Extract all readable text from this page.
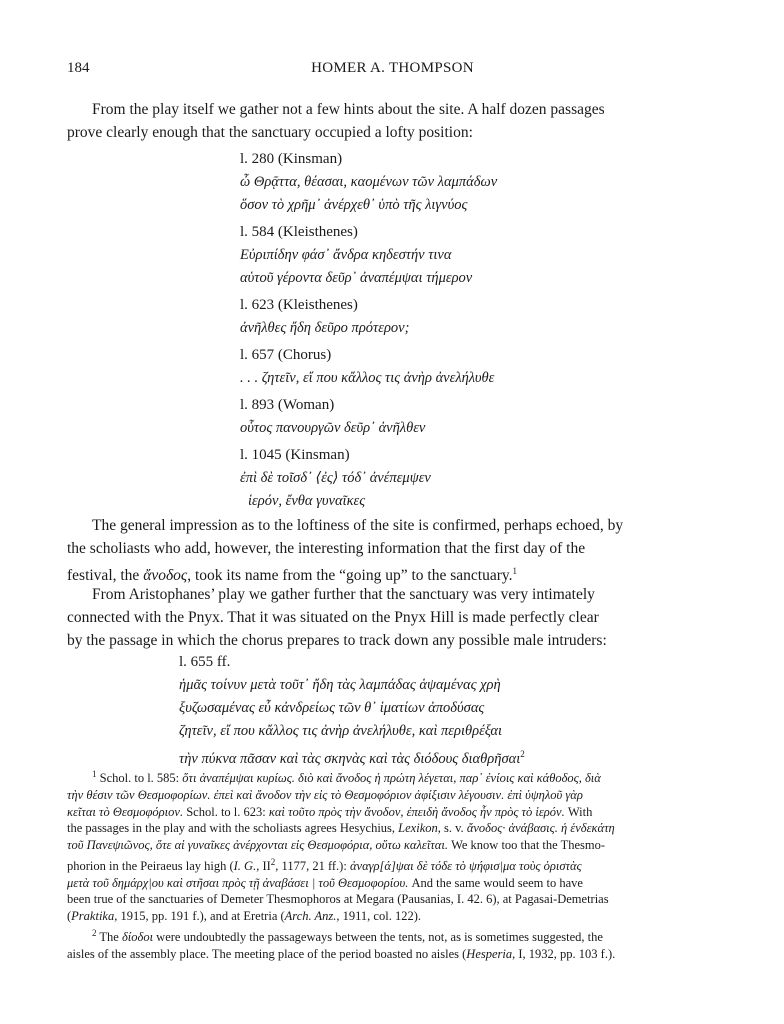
184	HOMER A. THOMPSON

From the play itself we gather not a few hints about the site. A half dozen passages
prove clearly enough that the sanctuary occupied a lofty position:

l. 280 (Kinsman)
ὦ Θρᾷττα, θέασαι, καομένων τῶν λαμπάδων
ὅσον τὸ χρῆμ᾿ ἀνέρχεθ᾿ ὑπὸ τῆς λιγνύος
l. 584 (Kleisthenes)
Εὐριπίδην φάσ᾿ ἄνδρα κηδεστήν τινα
αὑτοῦ γέροντα δεῦρ᾿ ἀναπέμψαι τήμερον
l. 623 (Kleisthenes)
ἀνῆλθες ἤδη δεῦρο πρότερον;
l. 657 (Chorus)
. . . ζητεῖν, εἴ που κἄλλος τις ἀνὴρ ἀνελήλυθε
l. 893 (Woman)
οὗτος πανουργῶν δεῦρ᾿ ἀνῆλθεν
l. 1045 (Kinsman)
ἐπὶ δὲ τοῖσδ᾿ ⟨ἐς⟩ τόδ᾿ ἀνέπεμψεν
ἱερόν, ἔνθα γυναῖκες

The general impression as to the loftiness of the site is confirmed, perhaps echoed, by
the scholiasts who add, however, the interesting information that the first day of the
festival, the ἄνοδος, took its name from the “going up” to the sanctuary.$^1$

From Aristophanes’ play we gather further that the sanctuary was very intimately
connected with the Pnyx. That it was situated on the Pnyx Hill is made perfectly clear
by the passage in which the chorus prepares to track down any possible male intruders:

l. 655 ff.
ἡμᾶς τοίνυν μετὰ τοῦτ᾿ ἤδη τὰς λαμπάδας ἁψαμένας χρὴ
ξυζωσαμένας εὖ κἀνδρείως τῶν θ᾿ ἱματίων ἀποδύσας
ζητεῖν, εἴ που κἄλλος τις ἀνὴρ ἀνελήλυθε, καὶ περιθρέξαι
τὴν πύκνα πᾶσαν καὶ τὰς σκηνὰς καὶ τὰς διόδους διαθρῆσαι$^2$
$^1$ Schol. to l. 585: ὅτι ἀναπέμψαι κυρίως. διὸ καὶ ἄνοδος ἡ πρώτη λέγεται, παρ᾿ ἐνίοις καὶ κάθοδος, διὰ
τὴν θέσιν τῶν Θεσμοφορίων. ἐπεὶ καὶ ἄνοδον τὴν εἰς τὸ Θεσμοφόριον ἀφίξισιν λέγουσιν. ἐπὶ ὑψηλοῦ γὰρ
κεῖται τὸ Θεσμοφόριον. Schol. to l. 623: καὶ τοῦτο πρὸς τὴν ἄνοδον, ἐπειδὴ ἄνοδος ἦν πρὸς τὸ ἱερόν. With
the passages in the play and with the scholiasts agrees Hesychius, Lexikon, s. v. ἄνοδος· ἀνάβασις. ἡ ἑνδεκάτη
τοῦ Πανεψιῶνος, ὅτε αἱ γυναῖκες ἀνέρχονται εἰς Θεσμοφόρια, οὕτω καλεῖται. We know too that the Thesmo-
phorion in the Peiraeus lay high (I. G., $II^2$, 1177, 21 ff.): ἀναγρ[ά]ψαι δὲ τόδε τὸ ψήφισ|μα τοὺς ὁριστὰς
μετὰ τοῦ δημάρχ|ου καὶ στῆσαι πρὸς τῇ ἀναβάσει | τοῦ Θεσμοφορίου. And the same would seem to have
been true of the sanctuaries of Demeter Thesmophoros at Megara (Pausanias, I. 42. 6), at Pagasai-Demetrias
(Praktika, 1915, pp. 191 f.), and at Eretria (Arch. Anz., 1911, col. 122).
$^2$ The δίοδοι were undoubtedly the passageways between the tents, not, as is sometimes suggested, the
aisles of the assembly place. The meeting place of the period boasted no aisles (Hesperia, I, 1932, pp. 103 f.).
